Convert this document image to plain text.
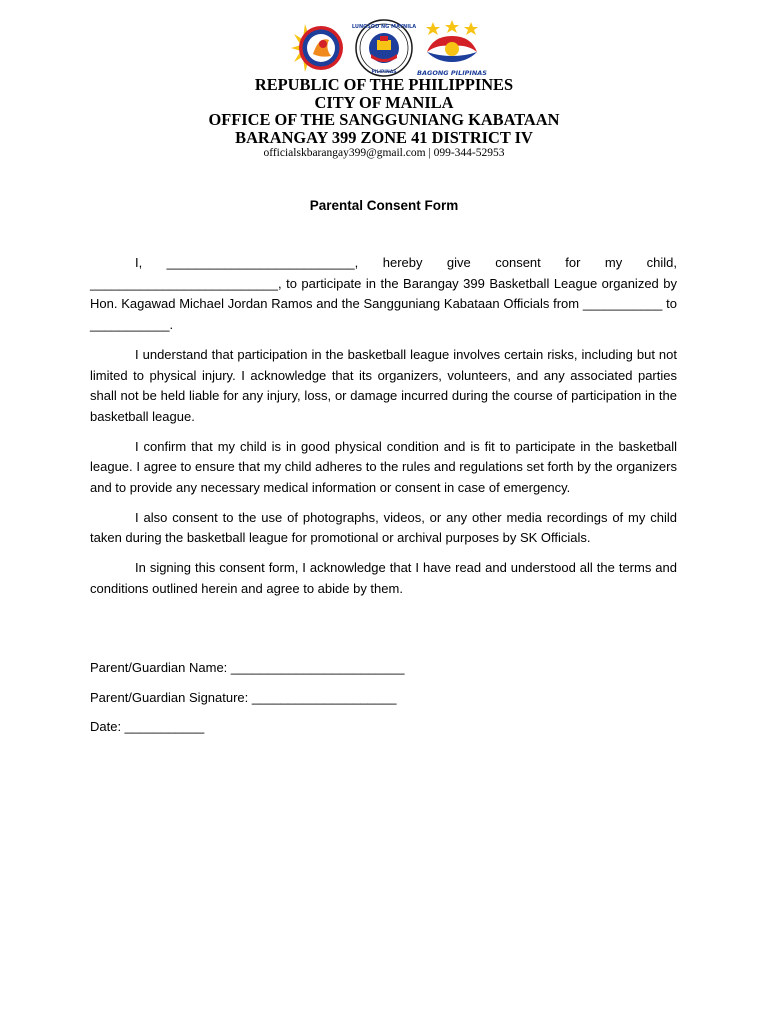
LUNGSOD NG MAYNILA
PILIPINAS	BAGONG PILIPINAS
REPUBLIC OF THE PHILIPPINES
CITY OF MANILA
OFFICE OF THE SANGGUNIANG KABATAAN
BARANGAY 399 ZONE 41 DISTRICT IV
officialskbarangay399@gmail.com | 099-344-52953
Parental Consent Form

I, __________________________, hereby give consent for my child, __________________________, to participate in the Barangay 399 Basketball League organized by Hon. Kagawad Michael Jordan Ramos and the Sangguniang Kabataan Officials from ___________ to ___________.

I understand that participation in the basketball league involves certain risks, including but not limited to physical injury. I acknowledge that its organizers, volunteers, and any associated parties shall not be held liable for any injury, loss, or damage incurred during the course of participation in the basketball league.

I confirm that my child is in good physical condition and is fit to participate in the basketball league. I agree to ensure that my child adheres to the rules and regulations set forth by the organizers and to provide any necessary medical information or consent in case of emergency.

I also consent to the use of photographs, videos, or any other media recordings of my child taken during the basketball league for promotional or archival purposes by SK Officials.

In signing this consent form, I acknowledge that I have read and understood all the terms and conditions outlined herein and agree to abide by them.

Parent/Guardian Name: ________________________
Parent/Guardian Signature: ____________________
Date: ___________
